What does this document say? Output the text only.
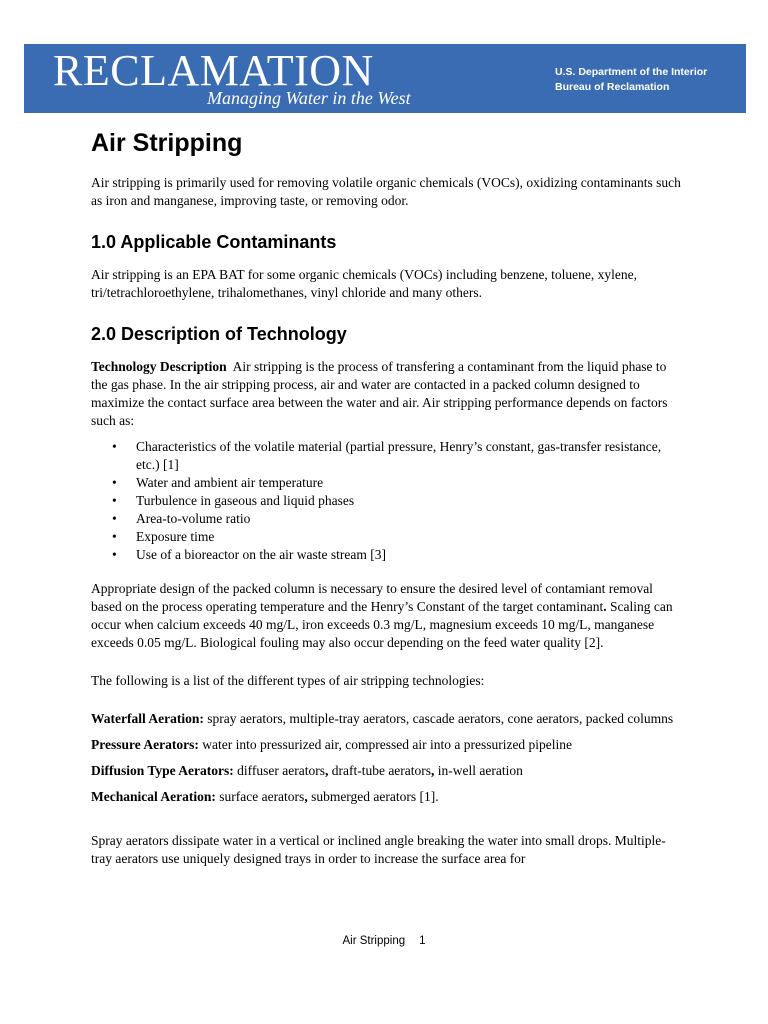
RECLAMATION
Managing Water in the West
U.S. Department of the Interior
Bureau of Reclamation
Air Stripping

Air stripping is primarily used for removing volatile organic chemicals (VOCs), oxidizing contaminants such as iron and manganese, improving taste, or removing odor.

1.0 Applicable Contaminants

Air stripping is an EPA BAT for some organic chemicals (VOCs) including benzene, toluene, xylene, tri/tetrachloroethylene, trihalomethanes, vinyl chloride and many others.

2.0 Description of Technology

Technology Description Air stripping is the process of transfering a contaminant from the liquid phase to the gas phase. In the air stripping process, air and water are contacted in a packed column designed to maximize the contact surface area between the water and air. Air stripping performance depends on factors such as:

•	Characteristics of the volatile material (partial pressure, Henry’s constant, gas-transfer resistance, etc.) [1]
•	Water and ambient air temperature
•	Turbulence in gaseous and liquid phases
•	Area-to-volume ratio
•	Exposure time
•	Use of a bioreactor on the air waste stream [3]

Appropriate design of the packed column is necessary to ensure the desired level of contamiant removal based on the process operating temperature and the Henry’s Constant of the target contaminant. Scaling can occur when calcium exceeds 40 mg/L, iron exceeds 0.3 mg/L, magnesium exceeds 10 mg/L, manganese exceeds 0.05 mg/L. Biological fouling may also occur depending on the feed water quality [2].

The following is a list of the different types of air stripping technologies:

Waterfall Aeration: spray aerators, multiple-tray aerators, cascade aerators, cone aerators, packed columns

Pressure Aerators: water into pressurized air, compressed air into a pressurized pipeline

Diffusion Type Aerators: diffuser aerators, draft-tube aerators, in-well aeration

Mechanical Aeration: surface aerators, submerged aerators [1].

Spray aerators dissipate water in a vertical or inclined angle breaking the water into small drops. Multiple-tray aerators use uniquely designed trays in order to increase the surface area for

Air Stripping 1
